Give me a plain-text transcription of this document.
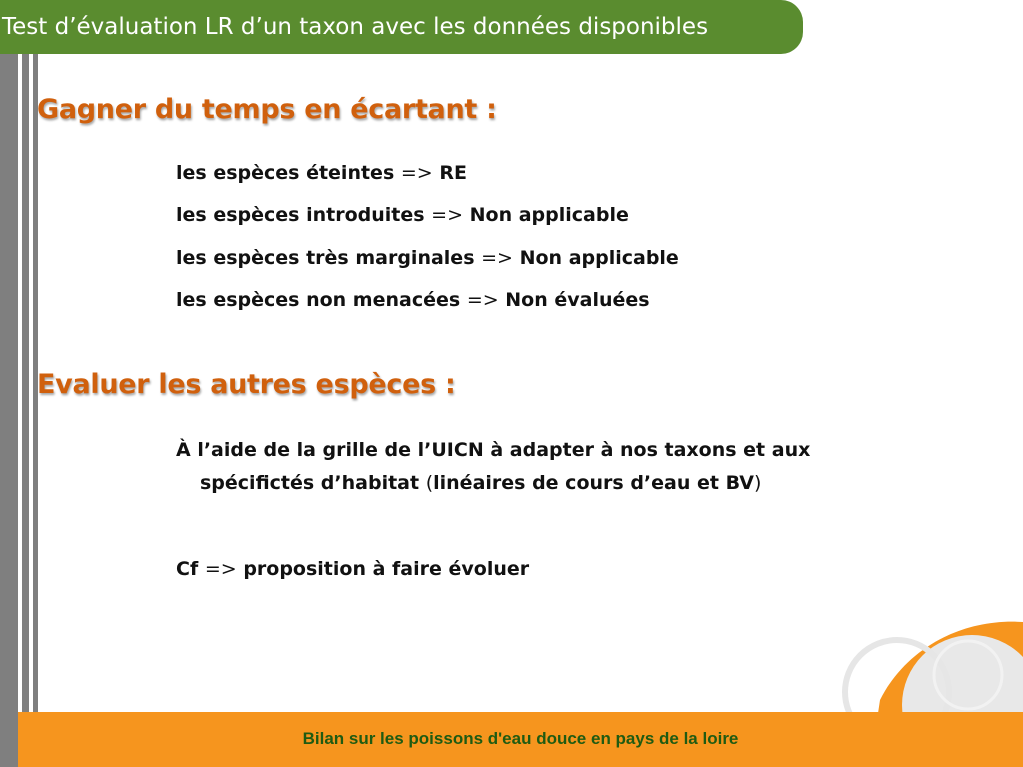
Test d’évaluation LR d’un taxon avec les données disponibles
Gagner du temps en écartant :
les espèces éteintes => RE
les espèces introduites => Non applicable
les espèces très marginales => Non applicable
les espèces non menacées => Non évaluées
Evaluer les autres espèces :
À l’aide de la grille de l’UICN à adapter à nos taxons et aux
spécifictés d’habitat (linéaires de cours d’eau et BV)
Cf => proposition à faire évoluer
Bilan sur les poissons d'eau douce en pays de la loire
